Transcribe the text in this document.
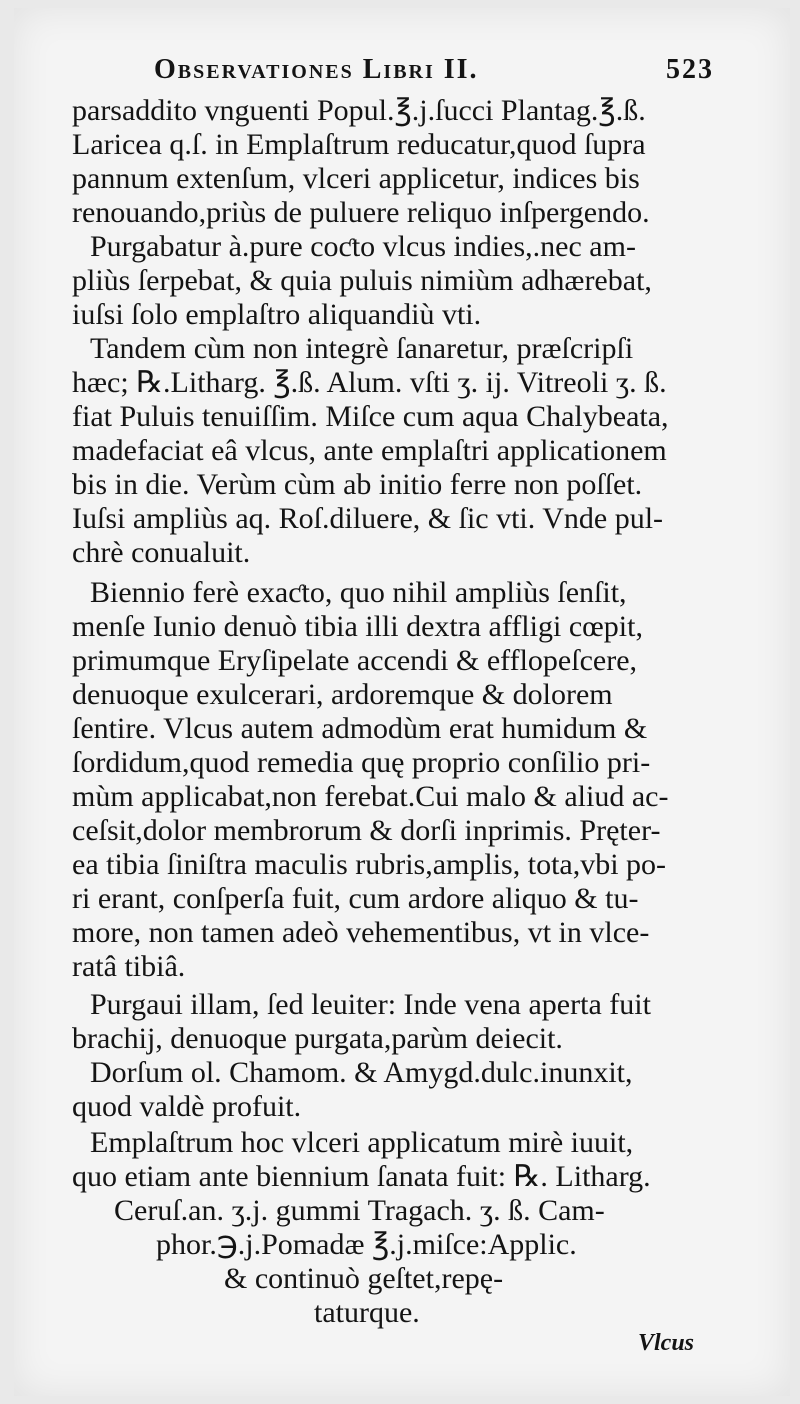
Observationes Libri II.	523
parsaddito vnguenti Popul.℥.j.ſucci Plantag.℥.ß.
Laricea q.ſ. in Emplaſtrum reducatur,quod ſupra
pannum extenſum, vlceri applicetur, indices bis
renouando,priùs de puluere reliquo inſpergendo.
Purgabatur à.pure coƈto vlcus indies,.nec am-
pliùs ſerpebat, & quia puluis nimiùm adhærebat,
iuſsi ſolo emplaſtro aliquandiù vti.
Tandem cùm non integrè ſanaretur, præſcripſi
hæc; ℞.Litharg. ℥.ß. Alum. vſti ʒ. ij. Vitreoli ʒ. ß.
fiat Puluis tenuiſſim. Miſce cum aqua Chalybeata,
madefaciat eâ vlcus, ante emplaſtri applicationem
bis in die. Verùm cùm ab initio ferre non poſſet.
Iuſsi ampliùs aq. Roſ.diluere, & ſic vti. Vnde pul-
chrè conualuit.
Biennio ferè exaƈto, quo nihil ampliùs ſenſit,
menſe Iunio denuò tibia illi dextra affligi cœpit,
primumque Eryſipelate accendi & efflореſcere,
denuoque exulcerari, ardoremque & dolorem
ſentire. Vlcus autem admodùm erat humidum &
ſordidum,quod remedia quę proprio conſilio pri-
mùm applicabat,non ferebat.Cui malo & aliud ac-
ceſsit,dolor membrorum & dorſi inprimis. Pręter-
ea tibia ſiniſtra maculis rubris,amplis, tota,vbi po-
ri erant, conſperſa fuit, cum ardore aliquo & tu-
more, non tamen adeò vehementibus, vt in vlce-
ratâ tibiâ.
Purgaui illam, ſed leuiter: Inde vena aperta fuit
brachij, denuoque purgata,parùm deiecit.
Dorſum ol. Chamom. & Amygd.dulc.inunxit,
quod valdè profuit.
Emplaſtrum hoc vlceri applicatum mirè iuuit,
quo etiam ante biennium ſanata fuit: ℞. Litharg.
Ceruſ.an. ʒ.j. gummi Tragach. ʒ. ß. Cam-
phor.℈.j.Pomadæ ℥.j.miſce:Applic.
& continuò geſtet,repę-
taturque.
Vlcus
